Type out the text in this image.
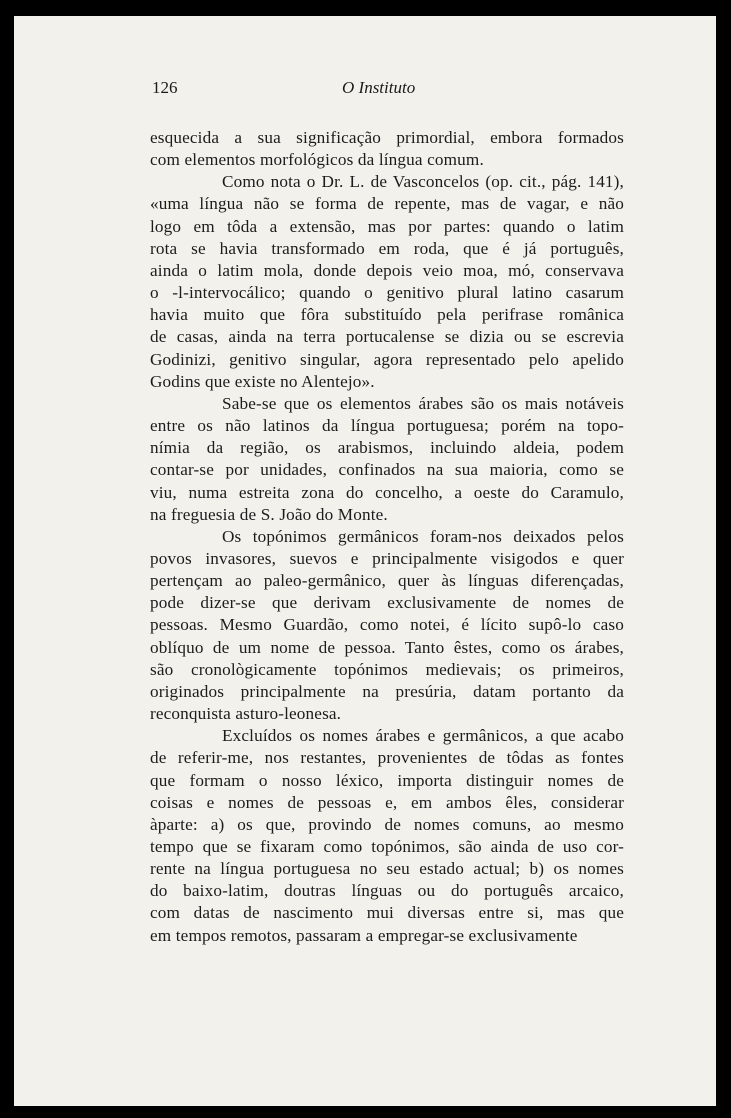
126	O Instituto
esquecida a sua significação primordial, embora formados
com elementos morfológicos da língua comum.
Como nota o Dr. L. de Vasconcelos (op. cit., pág. 141),
«uma língua não se forma de repente, mas de vagar, e não
logo em tôda a extensão, mas por partes: quando o latim
rota se havia transformado em roda, que é já português,
ainda o latim mola, donde depois veio moa, mó, conservava
o -l-intervocálico; quando o genitivo plural latino casarum
havia muito que fôra substituído pela perifrase românica
de casas, ainda na terra portucalense se dizia ou se escrevia
Godinizi, genitivo singular, agora representado pelo apelido
Godins que existe no Alentejo».
Sabe-se que os elementos árabes são os mais notáveis
entre os não latinos da língua portuguesa; porém na topo-
nímia da região, os arabismos, incluindo aldeia, podem
contar-se por unidades, confinados na sua maioria, como se
viu, numa estreita zona do concelho, a oeste do Caramulo,
na freguesia de S. João do Monte.
Os topónimos germânicos foram-nos deixados pelos
povos invasores, suevos e principalmente visigodos e quer
pertençam ao paleo-germânico, quer às línguas diferençadas,
pode dizer-se que derivam exclusivamente de nomes de
pessoas. Mesmo Guardão, como notei, é lícito supô-lo caso
oblíquo de um nome de pessoa. Tanto êstes, como os árabes,
são cronològicamente topónimos medievais; os primeiros,
originados principalmente na presúria, datam portanto da
reconquista asturo-leonesa.
Excluídos os nomes árabes e germânicos, a que acabo
de referir-me, nos restantes, provenientes de tôdas as fontes
que formam o nosso léxico, importa distinguir nomes de
coisas e nomes de pessoas e, em ambos êles, considerar
àparte: a) os que, provindo de nomes comuns, ao mesmo
tempo que se fixaram como topónimos, são ainda de uso cor-
rente na língua portuguesa no seu estado actual; b) os nomes
do baixo-latim, doutras línguas ou do português arcaico,
com datas de nascimento mui diversas entre si, mas que
em tempos remotos, passaram a empregar-se exclusivamente
